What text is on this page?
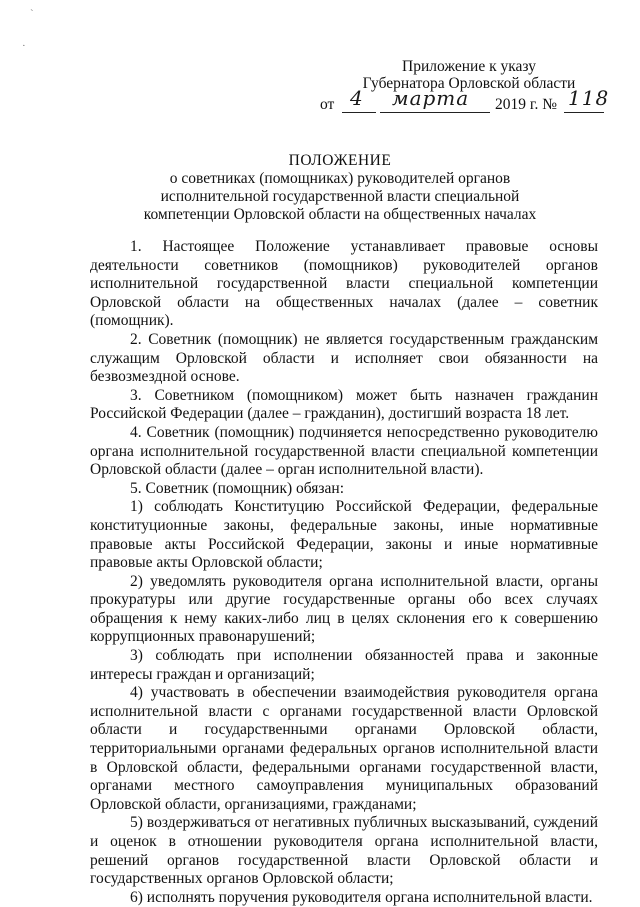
ˋ
·
Приложение к указу
Губернатора Орловской области
от 4 марта 2019 г. № 118
ПОЛОЖЕНИЕ
о советниках (помощниках) руководителей органов
исполнительной государственной власти специальной
компетенции Орловской области на общественных началах

1. Настоящее Положение устанавливает правовые основы деятельности советников (помощников) руководителей органов исполнительной государственной власти специальной компетенции Орловской области на общественных началах (далее – советник (помощник).

2. Советник (помощник) не является государственным гражданским служащим Орловской области и исполняет свои обязанности на безвозмездной основе.

3. Советником (помощником) может быть назначен гражданин Российской Федерации (далее – гражданин), достигший возраста 18 лет.

4. Советник (помощник) подчиняется непосредственно руководителю органа исполнительной государственной власти специальной компетенции Орловской области (далее – орган исполнительной власти).

5. Советник (помощник) обязан:

1) соблюдать Конституцию Российской Федерации, федеральные конституционные законы, федеральные законы, иные нормативные правовые акты Российской Федерации, законы и иные нормативные правовые акты Орловской области;

2) уведомлять руководителя органа исполнительной власти, органы прокуратуры или другие государственные органы обо всех случаях обращения к нему каких-либо лиц в целях склонения его к совершению коррупционных правонарушений;

3) соблюдать при исполнении обязанностей права и законные интересы граждан и организаций;

4) участвовать в обеспечении взаимодействия руководителя органа исполнительной власти с органами государственной власти Орловской области и государственными органами Орловской области, территориальными органами федеральных органов исполнительной власти в Орловской области, федеральными органами государственной власти, органами местного самоуправления муниципальных образований Орловской области, организациями, гражданами;

5) воздерживаться от негативных публичных высказываний, суждений и оценок в отношении руководителя органа исполнительной власти, решений органов государственной власти Орловской области и государственных органов Орловской области;

6) исполнять поручения руководителя органа исполнительной власти.
